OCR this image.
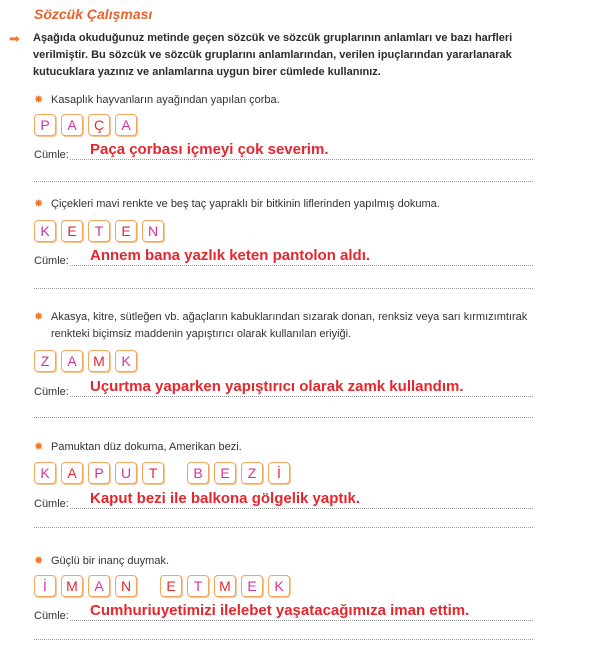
Sözcük Çalışması
➡ Aşağıda okuduğunuz metinde geçen sözcük ve sözcük gruplarının anlamları ve bazı harfleri verilmiştir. Bu sözcük ve sözcük gruplarını anlamlarından, verilen ipuçlarından yararlanarak kutucuklara yazınız ve anlamlarına uygun birer cümlede kullanınız.
✸ Kasaplık hayvanların ayağından yapılan çorba.
P	A	Ç	A
Cümle: Paça çorbası içmeyi çok severim.
✸ Çiçekleri mavi renkte ve beş taç yapraklı bir bitkinin liflerinden yapılmış dokuma.
K	E	T	E	N
Cümle: Annem bana yazlık keten pantolon aldı.
✸ Akasya, kitre, sütleğen vb. ağaçların kabuklarından sızarak donan, renksiz veya sarı kırmızımtırak renkteki biçimsiz maddenin yapıştırıcı olarak kullanılan eriyiği.
Z	A	M	K
Cümle: Uçurtma yaparken yapıştırıcı olarak zamk kullandım.
✸ Pamuktan düz dokuma, Amerikan bezi.
K	A	P	U	T	B	E	Z	İ
Cümle: Kaput bezi ile balkona gölgelik yaptık.
✸ Güçlü bir inanç duymak.
İ	M	A	N	E	T	M	E	K
Cümle: Cumhuriuyetimizi ilelebet yaşatacağımıza iman ettim.
